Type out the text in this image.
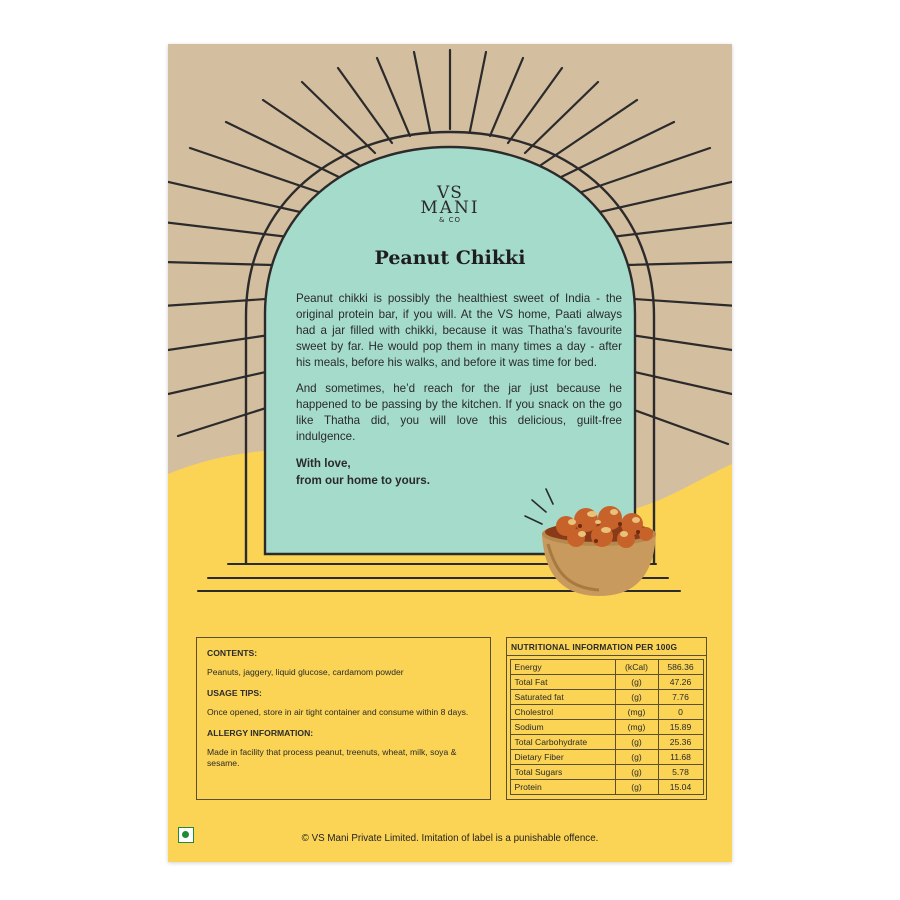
VS
MANI
& CO
Peanut Chikki

Peanut chikki is possibly the healthiest sweet of India - the original protein bar, if you will. At the VS home, Paati always had a jar filled with chikki, because it was Thatha’s favourite sweet by far. He would pop them in many times a day - after his meals, before his walks, and before it was time for bed.

And sometimes, he’d reach for the jar just because he happened to be passing by the kitchen. If you snack on the go like Thatha did, you will love this delicious, guilt-free indulgence.

With love,
from our home to yours.

CONTENTS:
Peanuts, jaggery, liquid glucose, cardamom powder
USAGE TIPS:
Once opened, store in air tight container and consume within 8 days.
ALLERGY INFORMATION:
Made in facility that process peanut, treenuts, wheat, milk, soya & sesame.
NUTRITIONAL INFORMATION PER 100G
Energy	(kCal)	586.36
Total Fat	(g)	47.26
Saturated fat	(g)	7.76
Cholestrol	(mg)	0
Sodium	(mg)	15.89
Total Carbohydrate	(g)	25.36
Dietary Fiber	(g)	11.68
Total Sugars	(g)	5.78
Protein	(g)	15.04
© VS Mani Private Limited. Imitation of label is a punishable offence.
